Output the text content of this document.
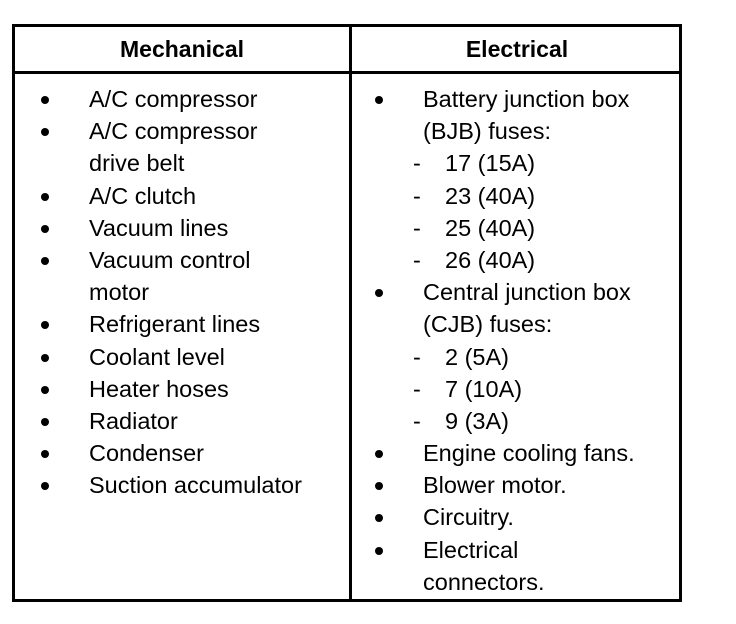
Mechanical	Electrical
A/C compressor
A/C compressor
drive belt
A/C clutch
Vacuum lines
Vacuum control
motor
Refrigerant lines
Coolant level
Heater hoses
Radiator
Condenser
Suction accumulator
Battery junction box
(BJB) fuses:
- 17 (15A)
- 23 (40A)
- 25 (40A)
- 26 (40A)
Central junction box
(CJB) fuses:
- 2 (5A)
- 7 (10A)
- 9 (3A)
Engine cooling fans.
Blower motor.
Circuitry.
Electrical
connectors.
